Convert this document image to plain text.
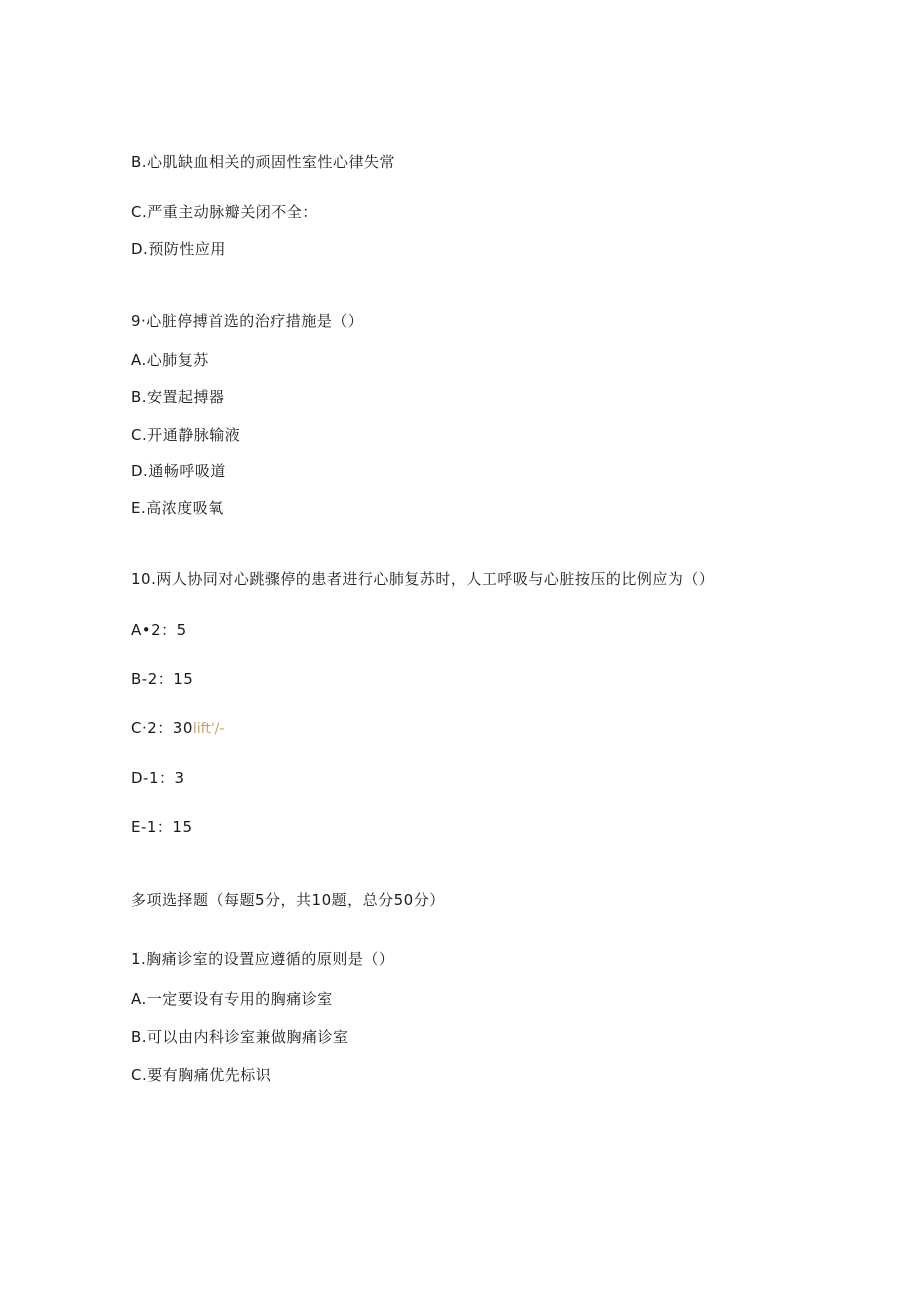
B.心肌缺血相关的顽固性室性心律失常
C.严重主动脉瓣关闭不全：
D.预防性应用
9·心脏停搏首选的治疗措施是（）
A.心肺复苏
B.安置起搏器
C.开通静脉输液
D.通畅呼吸道
E.高浓度吸氧
10.两人协同对心跳骤停的患者进行心肺复苏时，人工呼吸与心脏按压的比例应为（）
A•2：5
B-2：15
C·2：30lift'/-
D-1：3
E-1：15
多项选择题（每题5分，共10题，总分50分）
1.胸痛诊室的设置应遵循的原则是（）
A.一定要设有专用的胸痛诊室
B.可以由内科诊室兼做胸痛诊室
C.要有胸痛优先标识
